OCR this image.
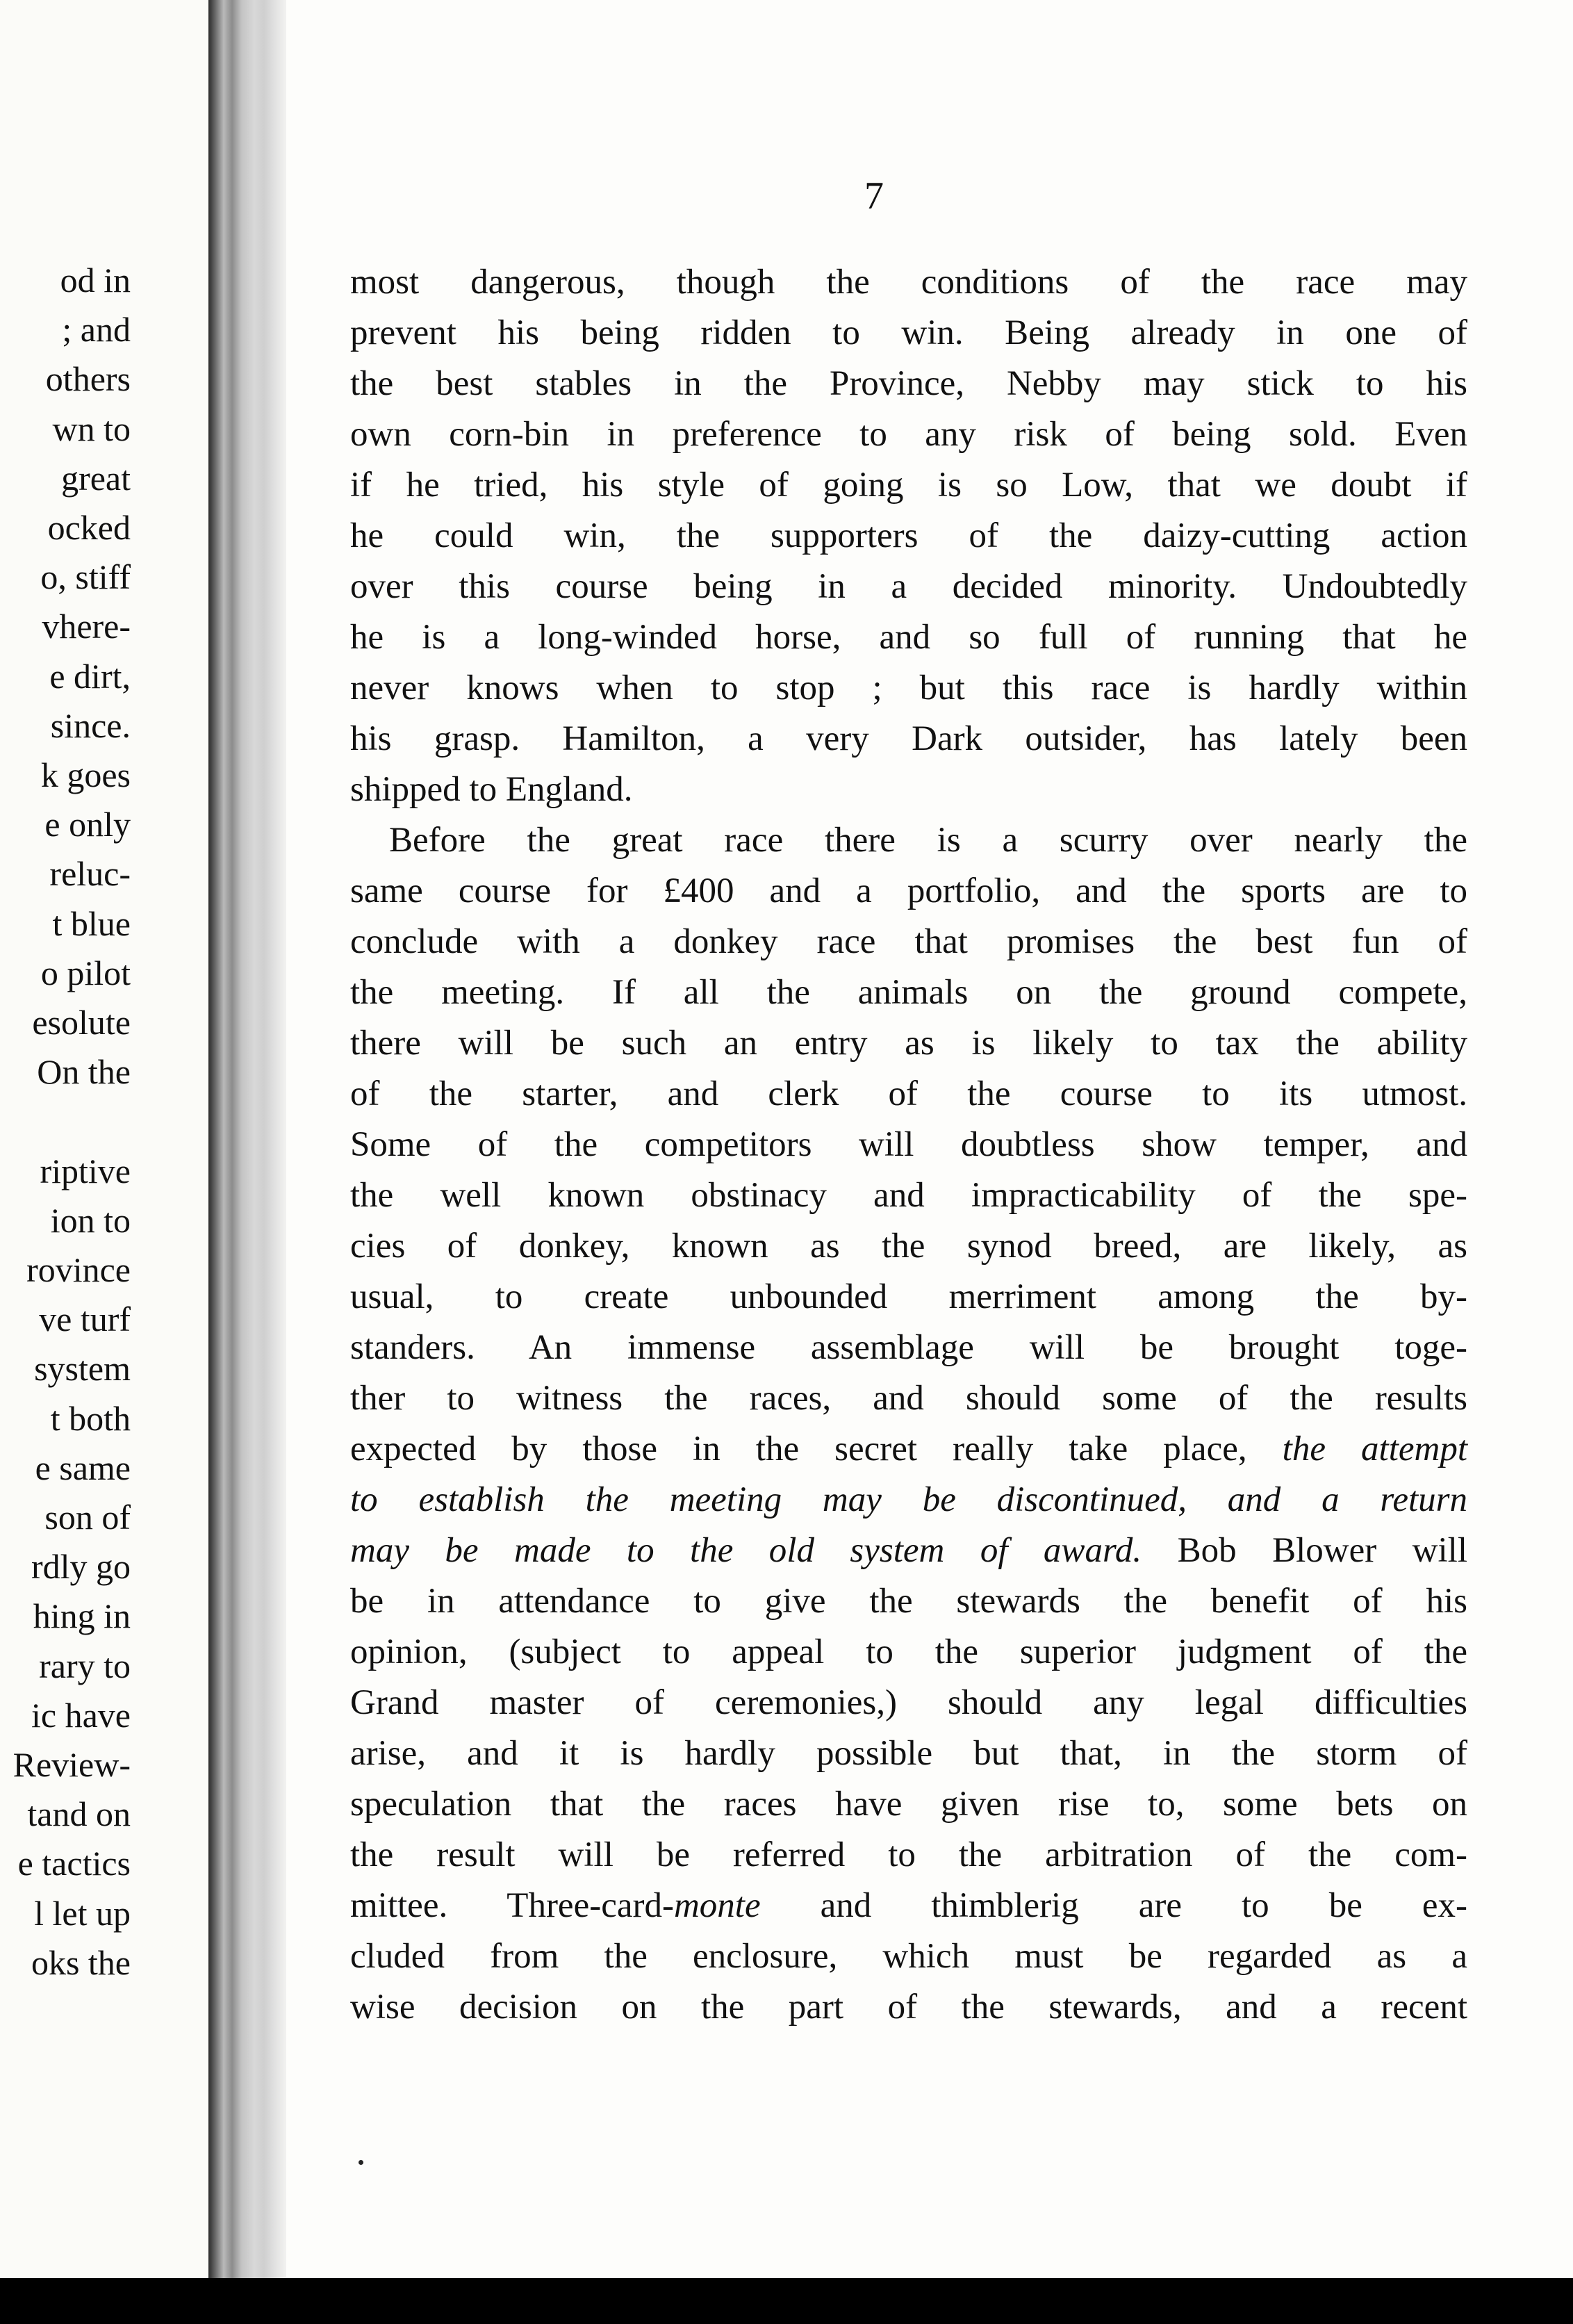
od in
; and
others
wn to
great
ocked
o, stiff
vhere-
e dirt,
since.
k goes
e only
reluc-
t blue
o pilot
esolute
On the
riptive
ion to
rovince
ve turf
system
t both
e same
son of
rdly go
hing in
rary to
ic have
Review-
tand on
e tactics
l let up
oks the
7
most dangerous, though the conditions of the race may
prevent his being ridden to win. Being already in one of
the best stables in the Province, Nebby may stick to his
own corn-bin in preference to any risk of being sold. Even
if he tried, his style of going is so Low, that we doubt if
he could win, the supporters of the daizy-cutting action
over this course being in a decided minority. Undoubtedly
he is a long-winded horse, and so full of running that he
never knows when to stop ; but this race is hardly within
his grasp. Hamilton, a very Dark outsider, has lately been
shipped to England.
Before the great race there is a scurry over nearly the
same course for £400 and a portfolio, and the sports are to
conclude with a donkey race that promises the best fun of
the meeting. If all the animals on the ground compete,
there will be such an entry as is likely to tax the ability
of the starter, and clerk of the course to its utmost.
Some of the competitors will doubtless show temper, and
the well known obstinacy and impracticability of the spe-
cies of donkey, known as the synod breed, are likely, as
usual, to create unbounded merriment among the by-
standers. An immense assemblage will be brought toge-
ther to witness the races, and should some of the results
expected by those in the secret really take place, the attempt
to establish the meeting may be discontinued, and a return
may be made to the old system of award. Bob Blower will
be in attendance to give the stewards the benefit of his
opinion, (subject to appeal to the superior judgment of the
Grand master of ceremonies,) should any legal difficulties
arise, and it is hardly possible but that, in the storm of
speculation that the races have given rise to, some bets on
the result will be referred to the arbitration of the com-
mittee. Three-card-monte and thimblerig are to be ex-
cluded from the enclosure, which must be regarded as a
wise decision on the part of the stewards, and a recent
